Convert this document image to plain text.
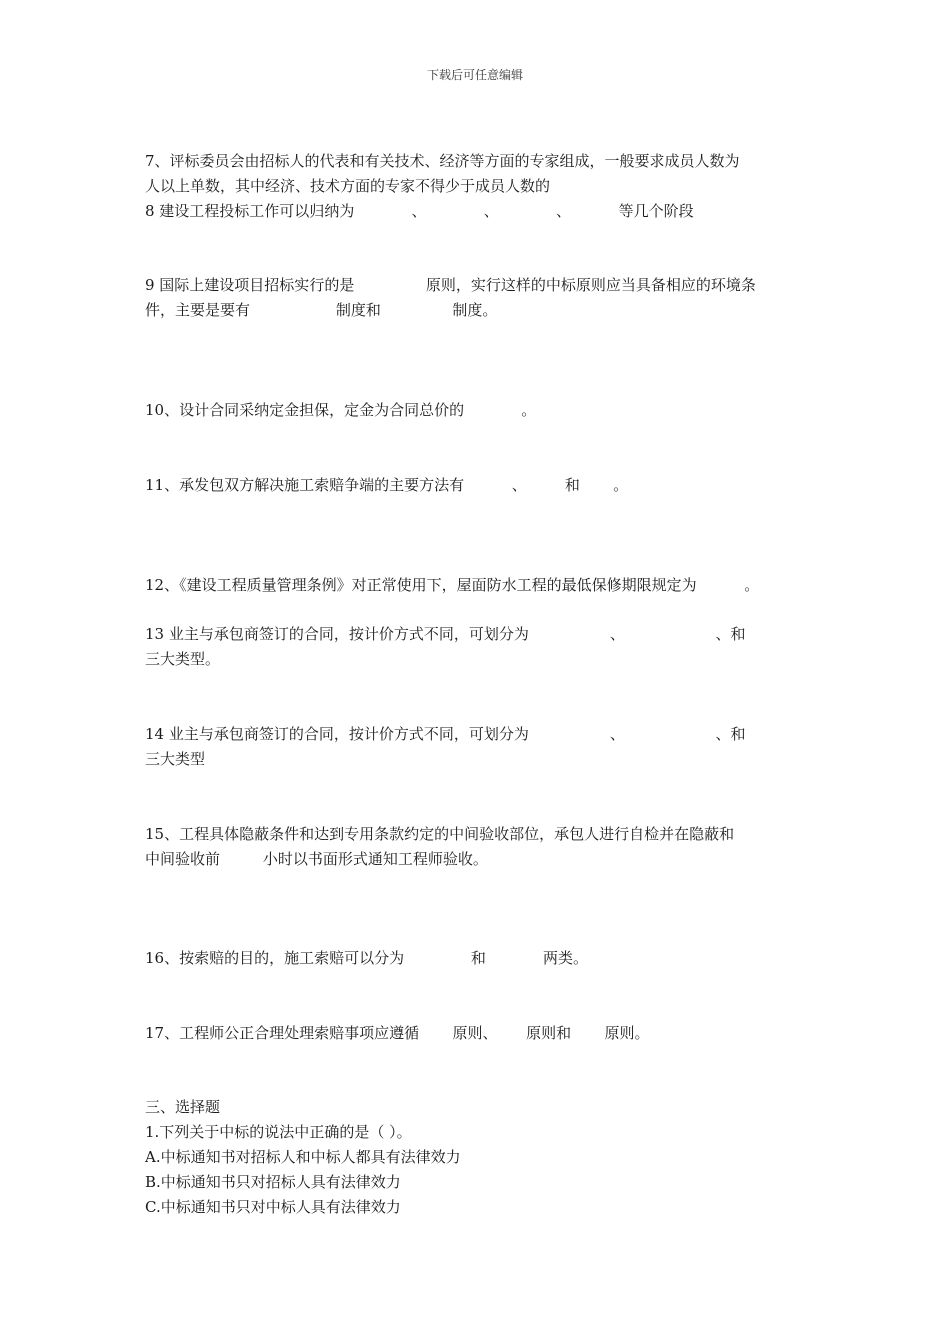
下载后可任意编辑
7、评标委员会由招标人的代表和有关技术、经济等方面的专家组成，一般要求成员人数为
人以上单数，其中经济、技术方面的专家不得少于成员人数的
8 建设工程投标工作可以归纳为            、            、            、          等几个阶段
9 国际上建设项目招标实行的是               原则，实行这样的中标原则应当具备相应的环境条
件，主要是要有                  制度和               制度。
10、设计合同采纳定金担保，定金为合同总价的            。
11、承发包双方解决施工索赔争端的主要方法有          、        和       。
12、《建设工程质量管理条例》对正常使用下，屋面防水工程的最低保修期限规定为          。
13 业主与承包商签订的合同，按计价方式不同，可划分为                 、                   、和
三大类型。
14 业主与承包商签订的合同，按计价方式不同，可划分为                 、                   、和
三大类型
15、工程具体隐蔽条件和达到专用条款约定的中间验收部位，承包人进行自检并在隐蔽和
中间验收前         小时以书面形式通知工程师验收。
16、按索赔的目的，施工索赔可以分为              和            两类。
17、工程师公正合理处理索赔事项应遵循       原则、      原则和       原则。
三、选择题
1.下列关于中标的说法中正确的是（ ）。
A.中标通知书对招标人和中标人都具有法律效力
B.中标通知书只对招标人具有法律效力
C.中标通知书只对中标人具有法律效力
